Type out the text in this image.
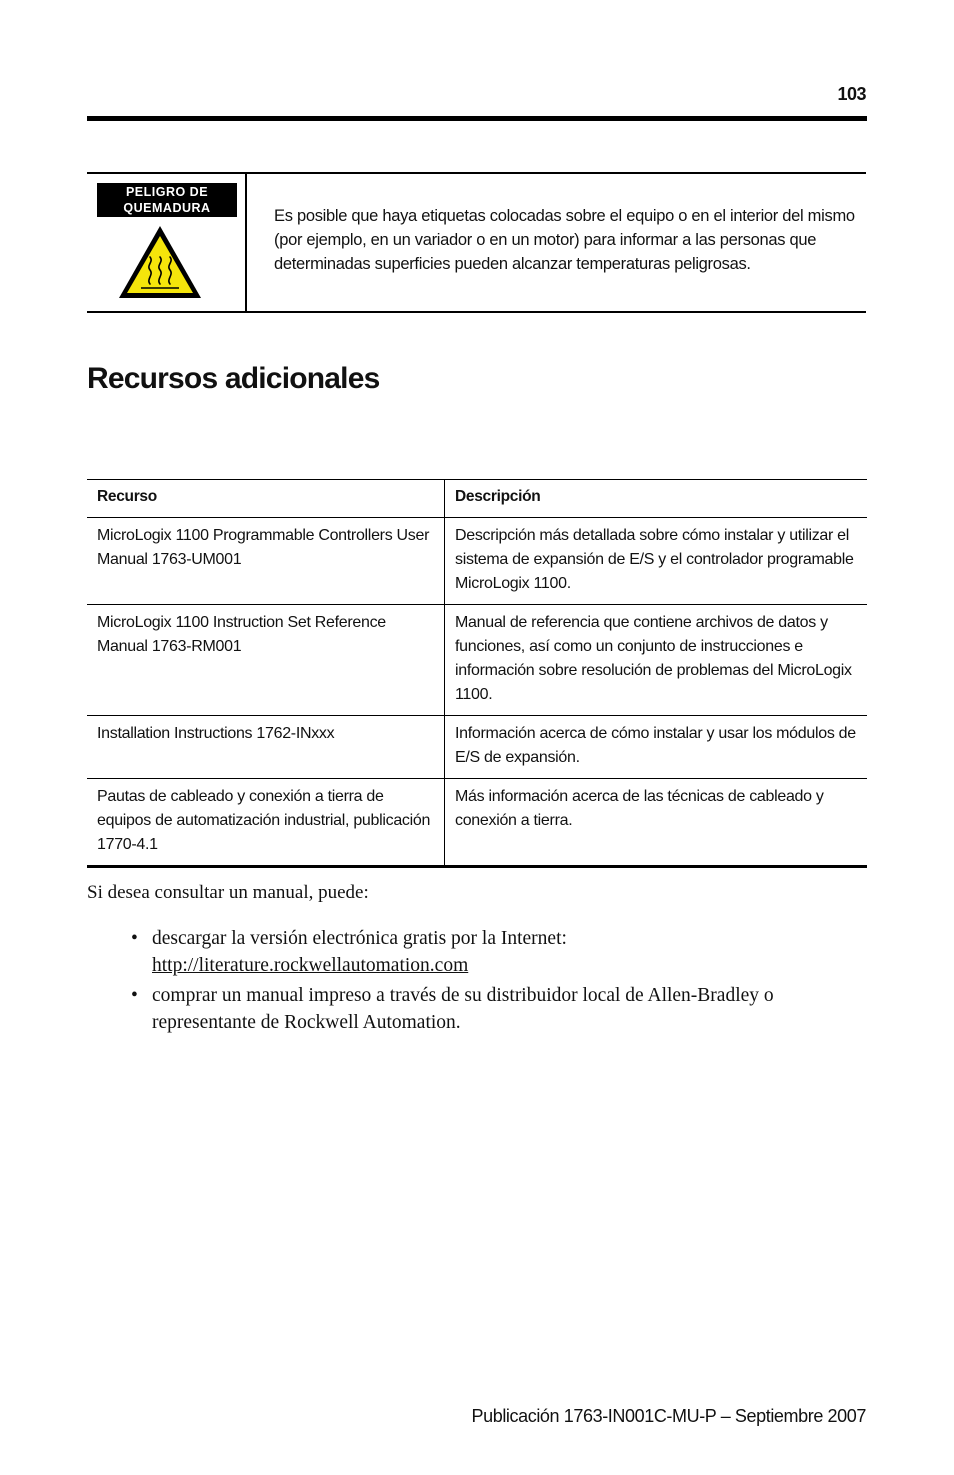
103
PELIGRO DE
QUEMADURA	Es posible que haya etiquetas colocadas sobre el equipo o en el interior del mismo (por ejemplo, en un variador o en un motor) para informar a las personas que determinadas superficies pueden alcanzar temperaturas peligrosas.
Recursos adicionales
Recurso	Descripción
MicroLogix 1100 Programmable Controllers User Manual 1763-UM001	Descripción más detallada sobre cómo instalar y utilizar el sistema de expansión de E/S y el controlador programable MicroLogix 1100.
MicroLogix 1100 Instruction Set Reference Manual 1763-RM001	Manual de referencia que contiene archivos de datos y funciones, así como un conjunto de instrucciones e información sobre resolución de problemas del MicroLogix 1100.
Installation Instructions 1762-INxxx	Información acerca de cómo instalar y usar los módulos de E/S de expansión.
Pautas de cableado y conexión a tierra de equipos de automatización industrial, publicación 1770-4.1	Más información acerca de las técnicas de cableado y conexión a tierra.

Si desea consultar un manual, puede:

• descargar la versión electrónica gratis por la Internet:
http://literature.rockwellautomation.com
• comprar un manual impreso a través de su distribuidor local de Allen-Bradley o representante de Rockwell Automation.
Publicación 1763-IN001C-MU-P – Septiembre 2007
